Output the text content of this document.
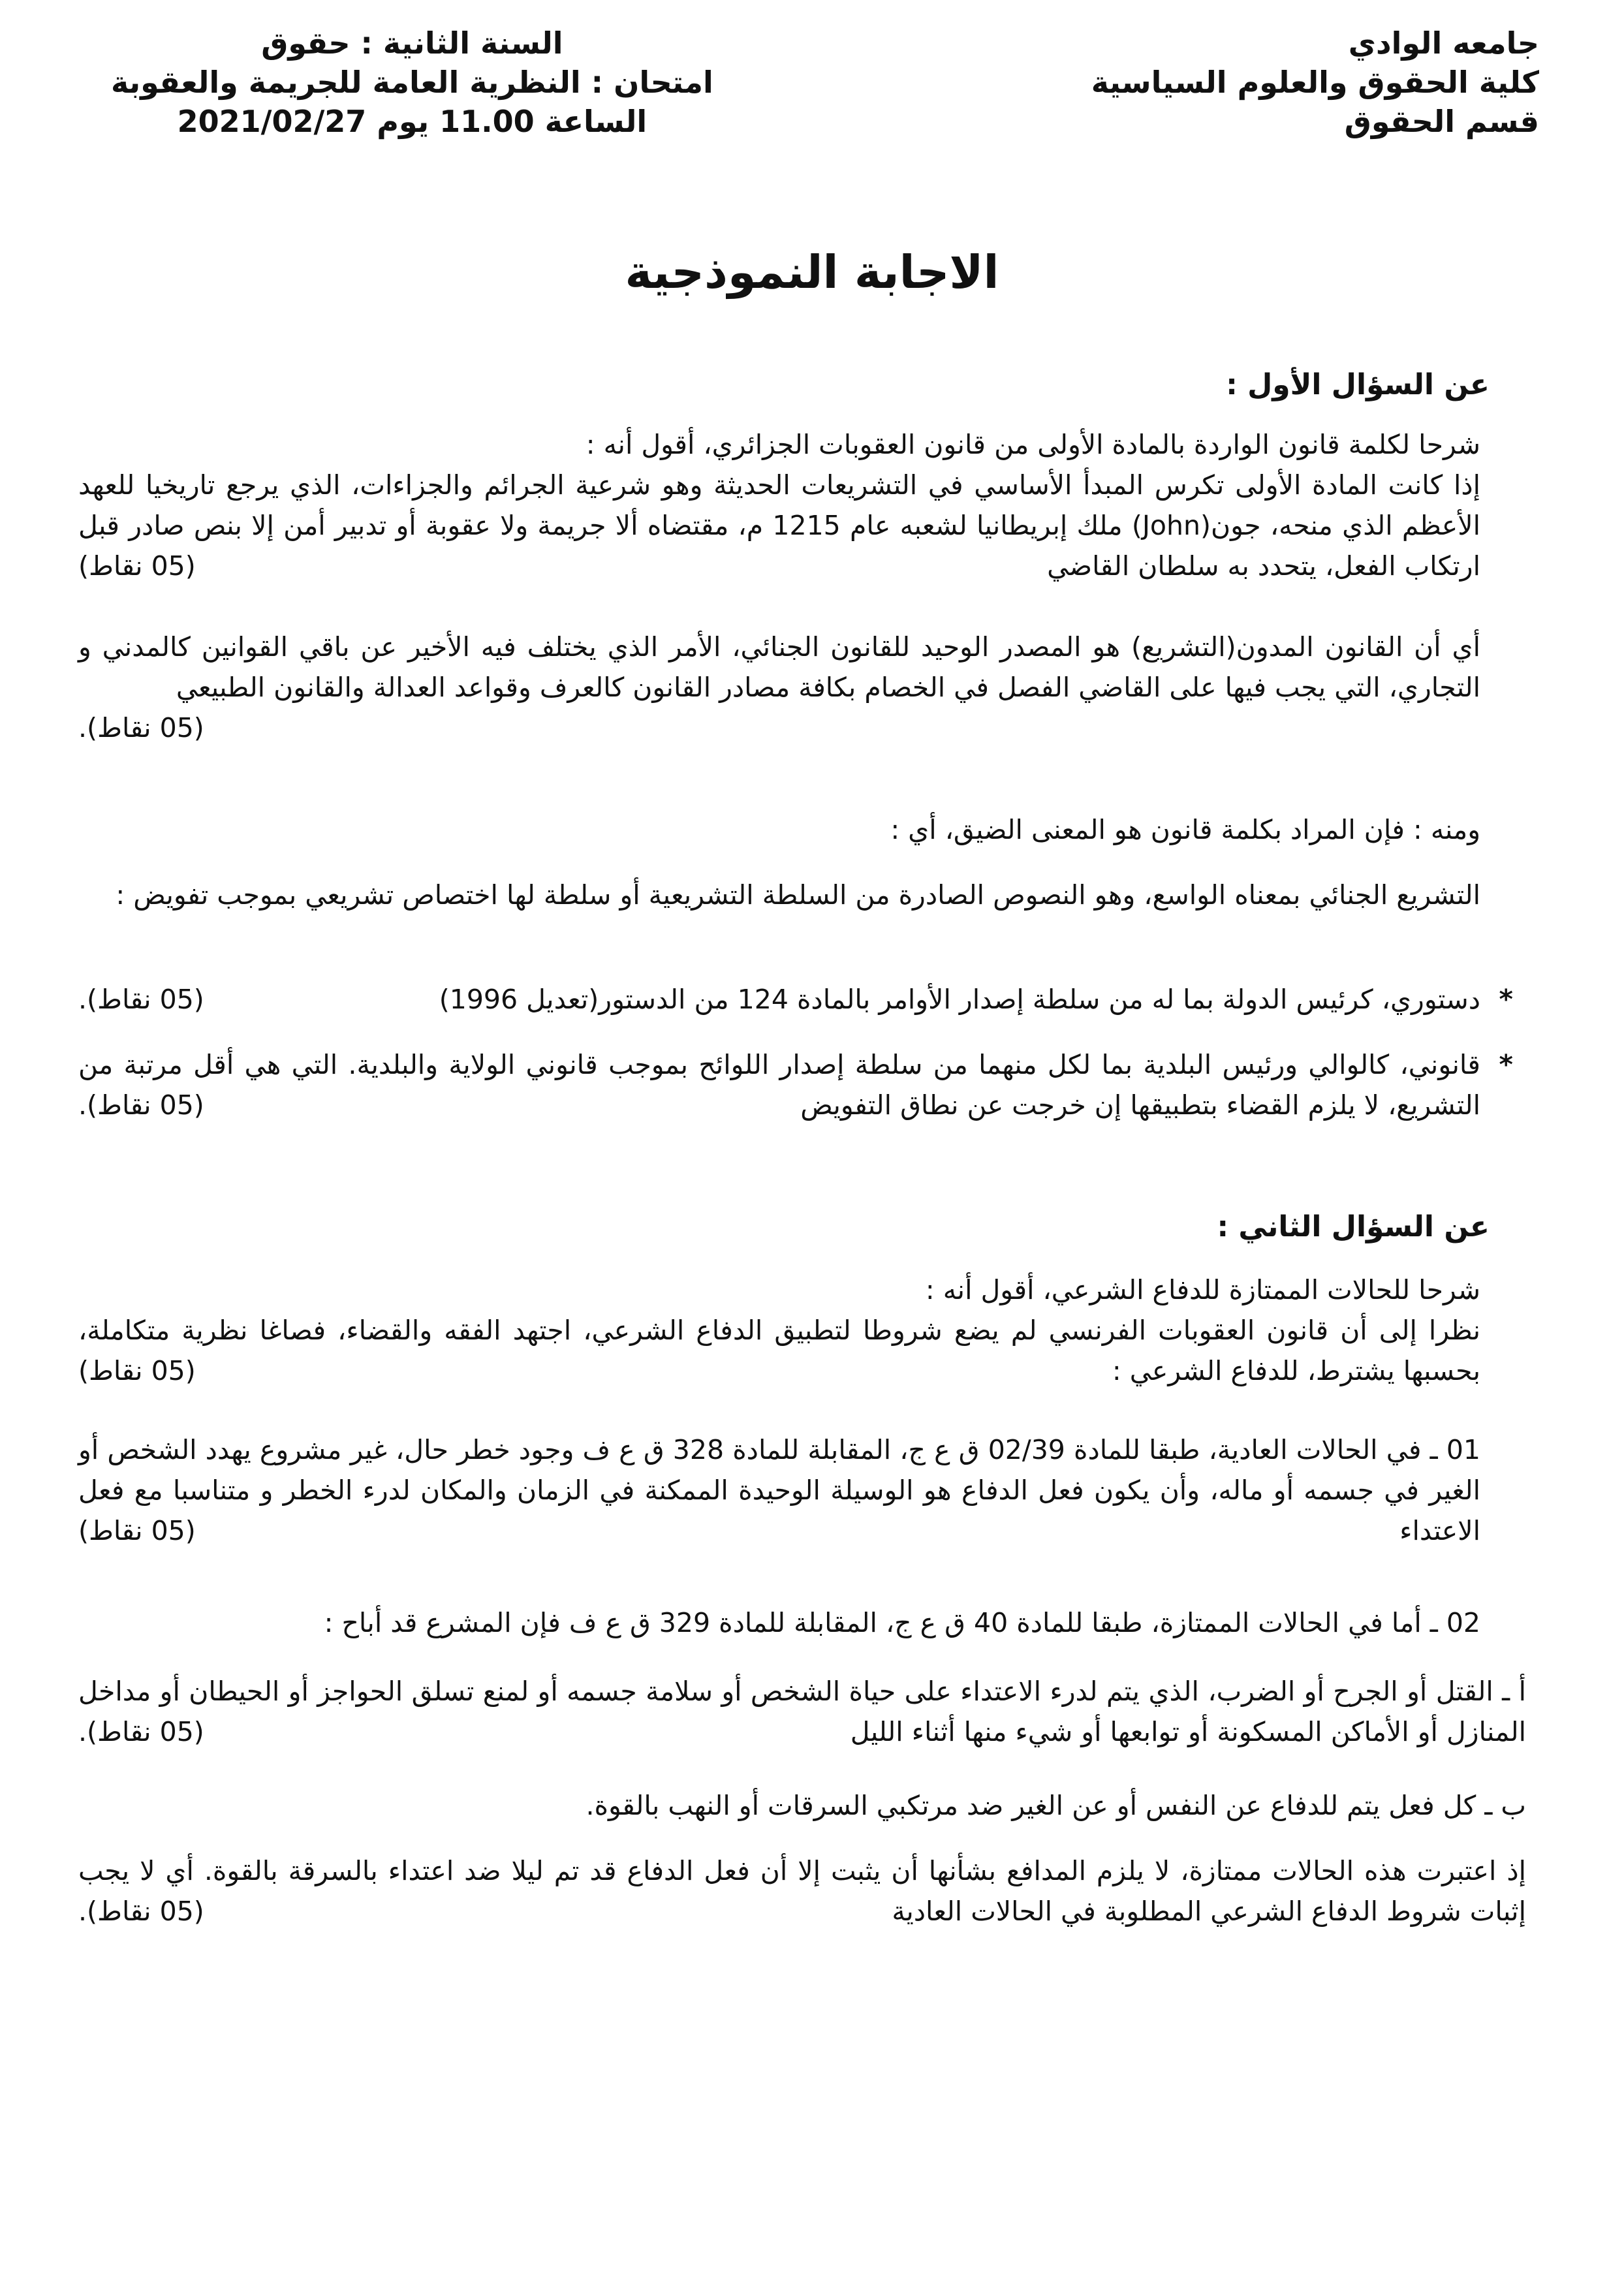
جامعه الوادي
كلية الحقوق والعلوم السياسية
قسم الحقوق
السنة الثانية : حقوق
امتحان : النظرية العامة للجريمة والعقوبة
الساعة 11.00 يوم 2021/02/27
الاجابة النموذجية
عن السؤال الأول :

شرحا لكلمة قانون الواردة بالمادة الأولى من قانون العقوبات الجزائري، أقول أنه :

إذا كانت المادة الأولى تكرس المبدأ الأساسي في التشريعات الحديثة وهو شرعية الجرائم والجزاءات، الذي يرجع تاريخيا للعهد الأعظم الذي منحه، جون(John) ملك إبريطانيا لشعبه عام 1215 م، مقتضاه ألا جريمة ولا عقوبة أو تدبير أمن إلا بنص صادر قبل ارتكاب الفعل، يتحدد به سلطان القاضي
(05 نقاط)

أي أن القانون المدون(التشريع) هو المصدر الوحيد للقانون الجنائي، الأمر الذي يختلف فيه الأخير عن باقي القوانين كالمدني و التجاري، التي يجب فيها على القاضي الفصل في الخصام بكافة مصادر القانون كالعرف وقواعد العدالة والقانون الطبيعي
(05 نقاط).

ومنه : فإن المراد بكلمة قانون هو المعنى الضيق، أي :

التشريع الجنائي بمعناه الواسع، وهو النصوص الصادرة من السلطة التشريعية أو سلطة لها اختصاص تشريعي بموجب تفويض :

* دستوري، كرئيس الدولة بما له من سلطة إصدار الأوامر بالمادة 124 من الدستور(تعديل 1996)
(05 نقاط).

* قانوني، كالوالي ورئيس البلدية بما لكل منهما من سلطة إصدار اللوائح بموجب قانوني الولاية والبلدية. التي هي أقل مرتبة من التشريع، لا يلزم القضاء بتطبيقها إن خرجت عن نطاق التفويض
(05 نقاط).

عن السؤال الثاني :

شرحا للحالات الممتازة للدفاع الشرعي، أقول أنه :

نظرا إلى أن قانون العقوبات الفرنسي لم يضع شروطا لتطبيق الدفاع الشرعي، اجتهد الفقه والقضاء، فصاغا نظرية متكاملة، بحسبها يشترط، للدفاع الشرعي :
(05 نقاط)

01 ـ في الحالات العادية، طبقا للمادة 02/39 ق ع ج، المقابلة للمادة 328 ق ع ف وجود خطر حال، غير مشروع يهدد الشخص أو الغير في جسمه أو ماله، وأن يكون فعل الدفاع هو الوسيلة الوحيدة الممكنة في الزمان والمكان لدرء الخطر و متناسبا مع فعل الاعتداء
(05 نقاط)

02 ـ أما في الحالات الممتازة، طبقا للمادة 40 ق ع ج، المقابلة للمادة 329 ق ع ف فإن المشرع قد أباح :

أ ـ القتل أو الجرح أو الضرب، الذي يتم لدرء الاعتداء على حياة الشخص أو سلامة جسمه أو لمنع تسلق الحواجز أو الحيطان أو مداخل المنازل أو الأماكن المسكونة أو توابعها أو شيء منها أثناء الليل
(05 نقاط).

ب ـ كل فعل يتم للدفاع عن النفس أو عن الغير ضد مرتكبي السرقات أو النهب بالقوة.

إذ اعتبرت هذه الحالات ممتازة، لا يلزم المدافع بشأنها أن يثبت إلا أن فعل الدفاع قد تم ليلا ضد اعتداء بالسرقة بالقوة. أي لا يجب إثبات شروط الدفاع الشرعي المطلوبة في الحالات العادية
(05 نقاط).
